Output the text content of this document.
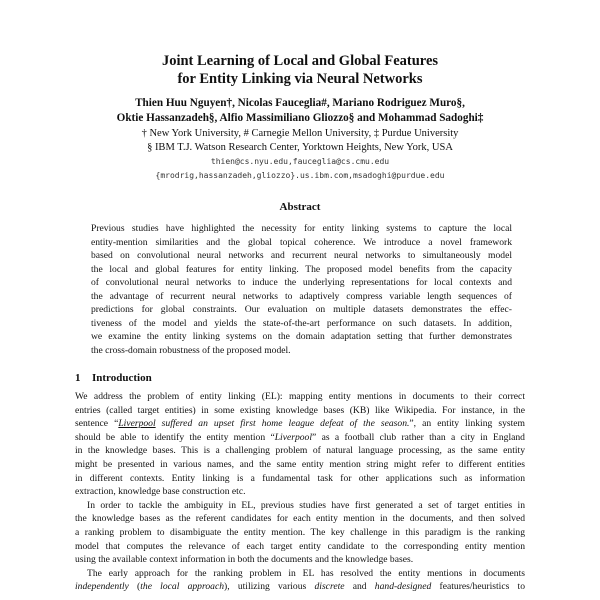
Joint Learning of Local and Global Features
for Entity Linking via Neural Networks
Thien Huu Nguyen†, Nicolas Fauceglia#, Mariano Rodriguez Muro§,
Oktie Hassanzadeh§, Alfio Massimiliano Gliozzo§ and Mohammad Sadoghi‡
† New York University, # Carnegie Mellon University, ‡ Purdue University
§ IBM T.J. Watson Research Center, Yorktown Heights, New York, USA
thien@cs.nyu.edu,fauceglia@cs.cmu.edu
{mrodrig,hassanzadeh,gliozzo}.us.ibm.com,msadoghi@purdue.edu
Abstract
Previous studies have highlighted the necessity for entity linking systems to capture the local
entity-mention similarities and the global topical coherence. We introduce a novel framework
based on convolutional neural networks and recurrent neural networks to simultaneously model
the local and global features for entity linking. The proposed model benefits from the capacity
of convolutional neural networks to induce the underlying representations for local contexts and
the advantage of recurrent neural networks to adaptively compress variable length sequences of
predictions for global constraints. Our evaluation on multiple datasets demonstrates the effec-
tiveness of the model and yields the state-of-the-art performance on such datasets. In addition,
we examine the entity linking systems on the domain adaptation setting that further demonstrates
the cross-domain robustness of the proposed model.
1 Introduction
We address the problem of entity linking (EL): mapping entity mentions in documents to their correct
entries (called target entities) in some existing knowledge bases (KB) like Wikipedia. For instance, in the
sentence “Liverpool suffered an upset first home league defeat of the season.”, an entity linking system
should be able to identify the entity mention “Liverpool” as a football club rather than a city in England
in the knowledge bases. This is a challenging problem of natural language processing, as the same entity
might be presented in various names, and the same entity mention string might refer to different entities
in different contexts. Entity linking is a fundamental task for other applications such as information
extraction, knowledge base construction etc.
In order to tackle the ambiguity in EL, previous studies have first generated a set of target entities in
the knowledge bases as the referent candidates for each entity mention in the documents, and then solved
a ranking problem to disambiguate the entity mention. The key challenge in this paradigm is the ranking
model that computes the relevance of each target entity candidate to the corresponding entity mention
using the available context information in both the documents and the knowledge bases.
The early approach for the ranking problem in EL has resolved the entity mentions in documents
independently (the local approach), utilizing various discrete and hand-designed features/heuristics to
